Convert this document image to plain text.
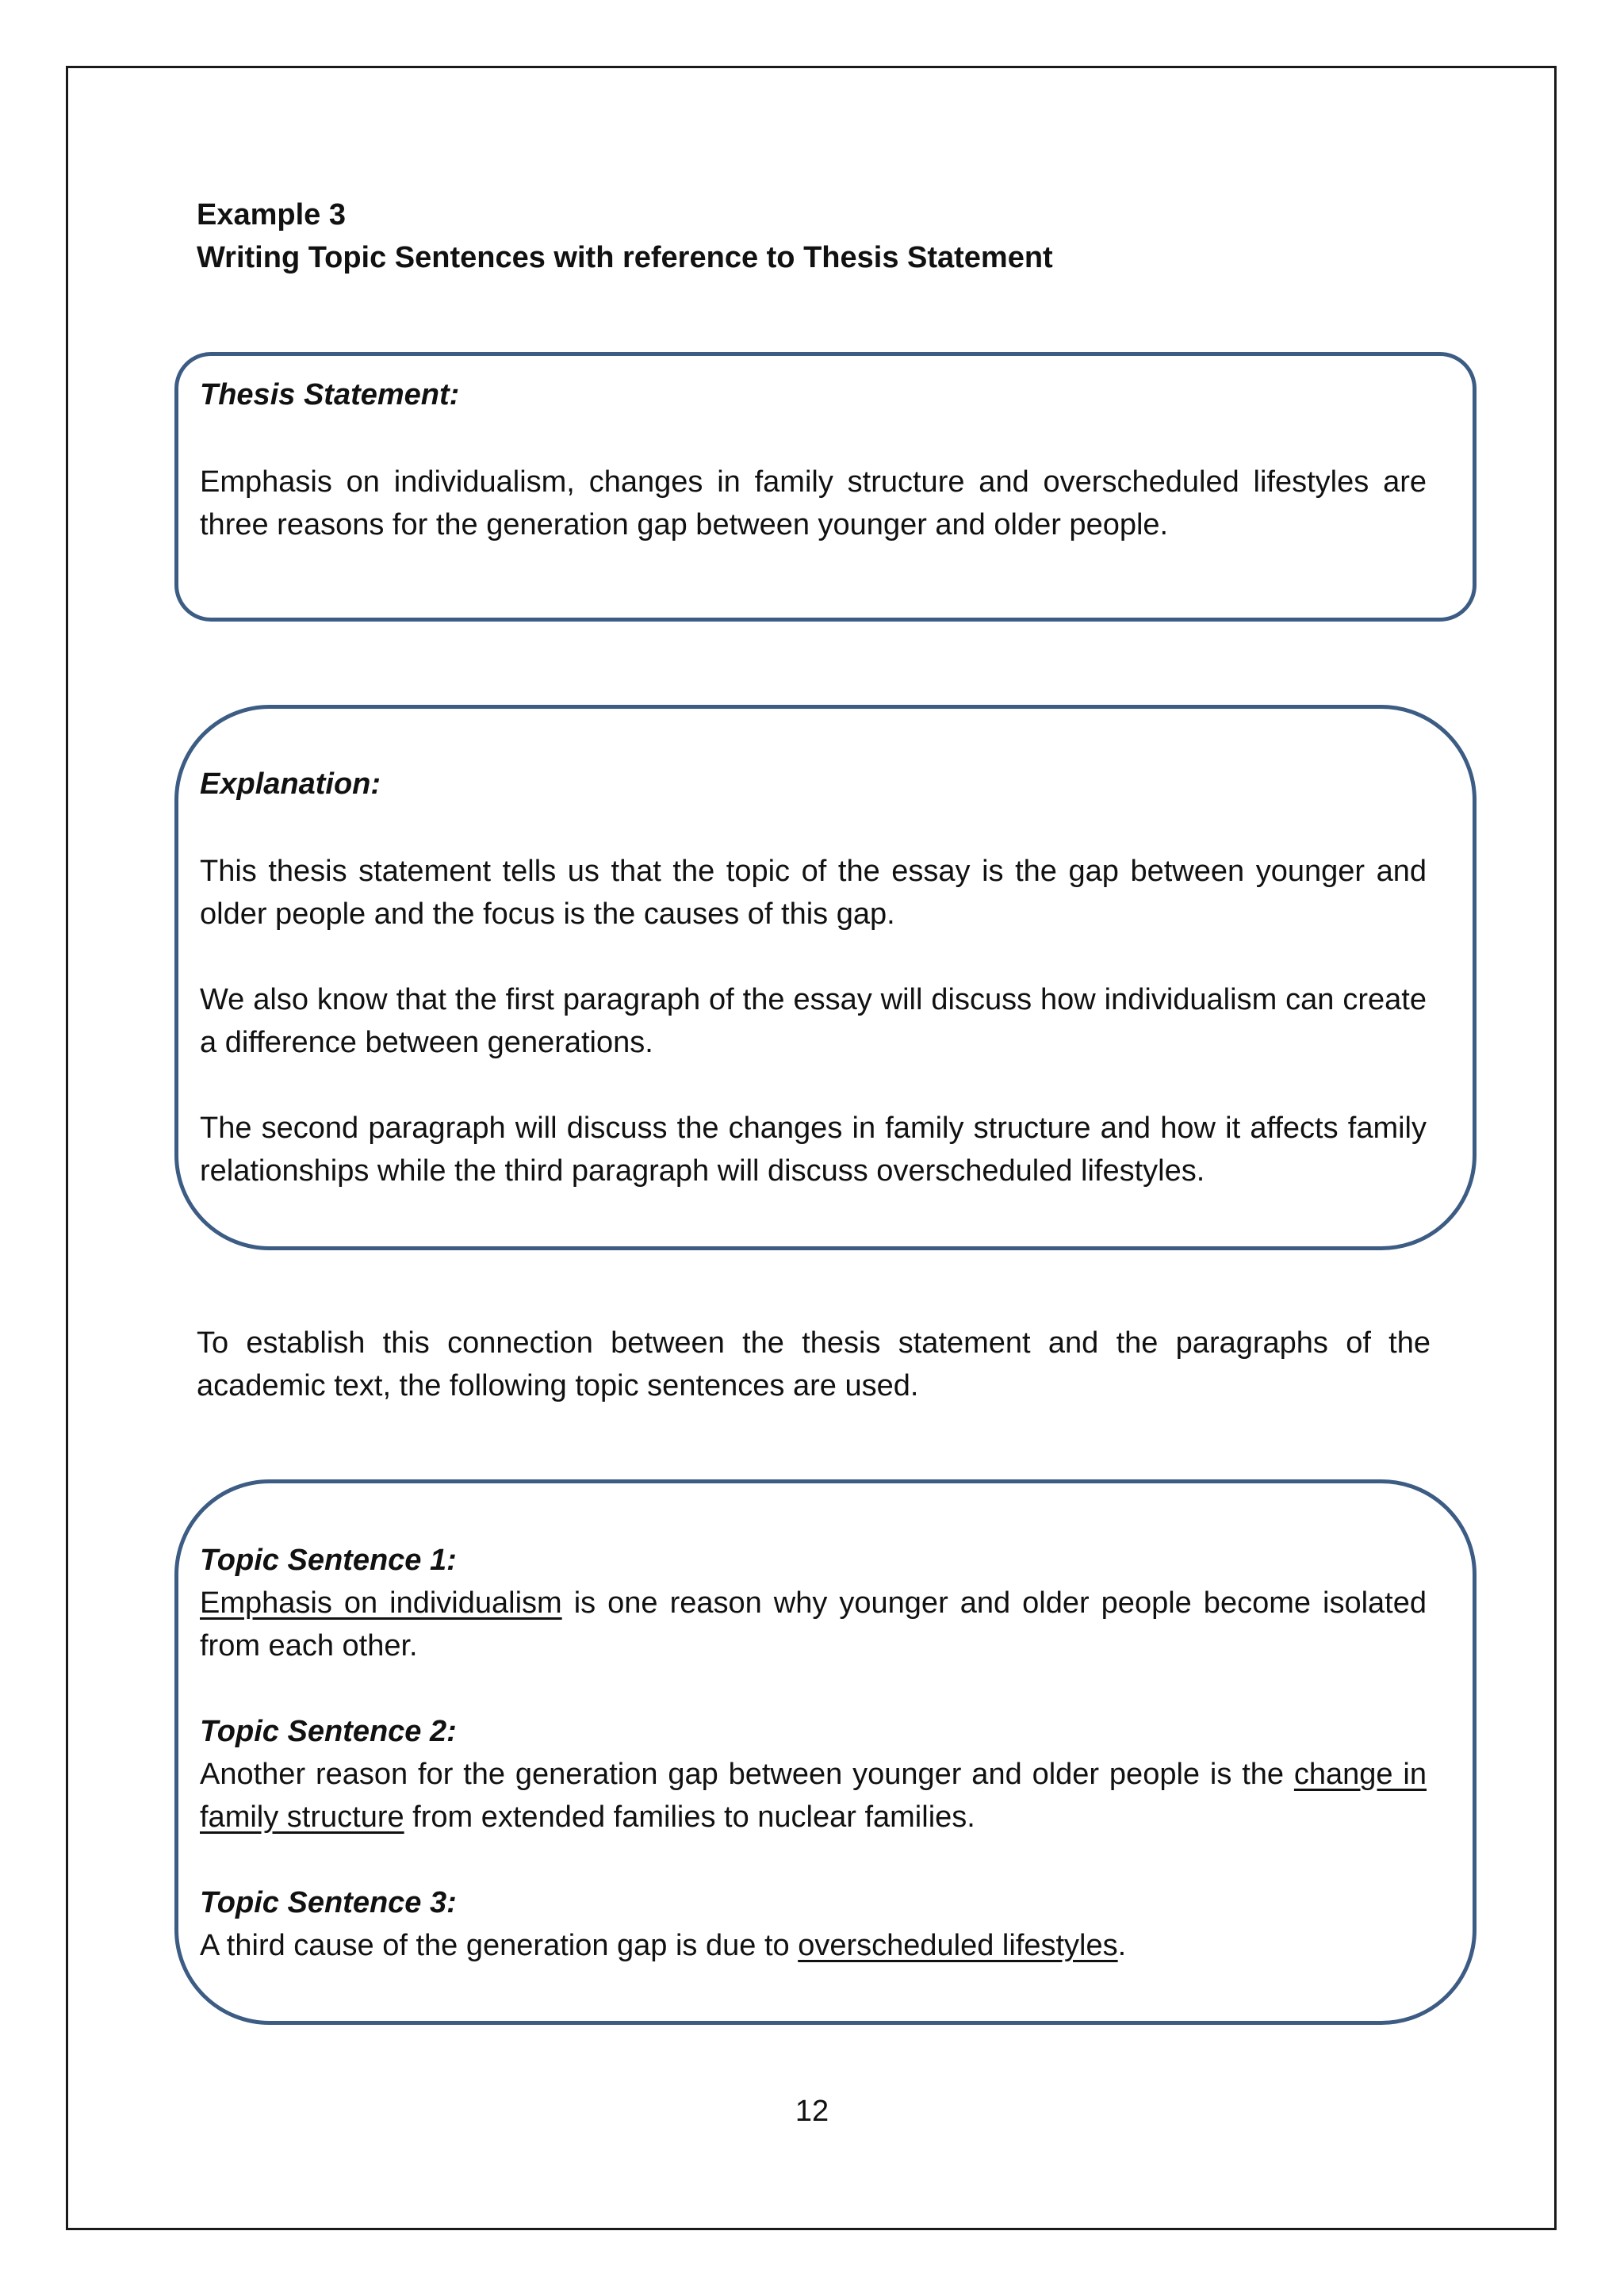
Example 3
Writing Topic Sentences with reference to Thesis Statement

Thesis Statement:

Emphasis on individualism, changes in family structure and overscheduled lifestyles are three reasons for the generation gap between younger and older people.

Explanation:

This thesis statement tells us that the topic of the essay is the gap between younger and older people and the focus is the causes of this gap.

We also know that the first paragraph of the essay will discuss how individualism can create a difference between generations.

The second paragraph will discuss the changes in family structure and how it affects family relationships while the third paragraph will discuss overscheduled lifestyles.

To establish this connection between the thesis statement and the paragraphs of the academic text, the following topic sentences are used.

Topic Sentence 1:

Emphasis on individualism is one reason why younger and older people become isolated from each other.

Topic Sentence 2:

Another reason for the generation gap between younger and older people is the change in family structure from extended families to nuclear families.

Topic Sentence 3:

A third cause of the generation gap is due to overscheduled lifestyles.

12
